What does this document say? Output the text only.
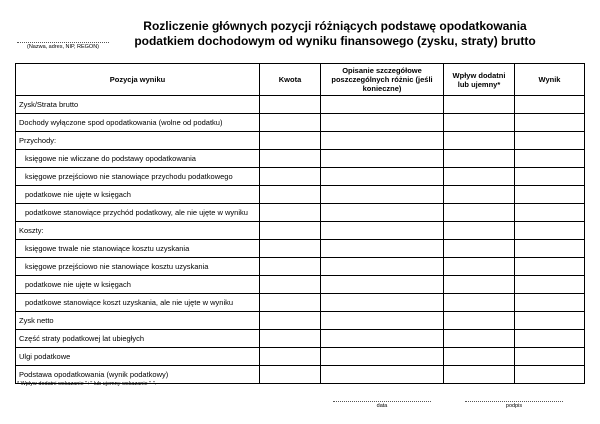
Rozliczenie głównych pozycji różniących podstawę opodatkowania
podatkiem dochodowym od wyniku finansowego (zysku, straty) brutto
(Nazwa, adres, NIP, REGON)
Pozycja wyniku	Kwota	Opisanie szczegółowe poszczególnych różnic (jeśli konieczne)	Wpływ dodatni lub ujemny*	Wynik
Zysk/Strata brutto				
Dochody wyłączone spod opodatkowania (wolne od podatku)				
Przychody:				
księgowe nie wliczane do podstawy opodatkowania				
księgowe przejściowo nie stanowiące przychodu podatkowego				
podatkowe nie ujęte w księgach				
podatkowe stanowiące przychód podatkowy, ale nie ujęte w wyniku				
Koszty:				
księgowe trwale nie stanowiące kosztu uzyskania				
księgowe przejściowo nie stanowiące kosztu uzyskania				
podatkowe nie ujęte w księgach				
podatkowe stanowiące koszt uzyskania, ale nie ujęte w wyniku				
Zysk netto				
Część straty podatkowej lat ubiegłych				
Ulgi podatkowe				
Podstawa opodatkowania (wynik podatkowy)				
* Wpływ dodatni wskazanie "+" lub ujemny wskazanie "-".
data	podpis
